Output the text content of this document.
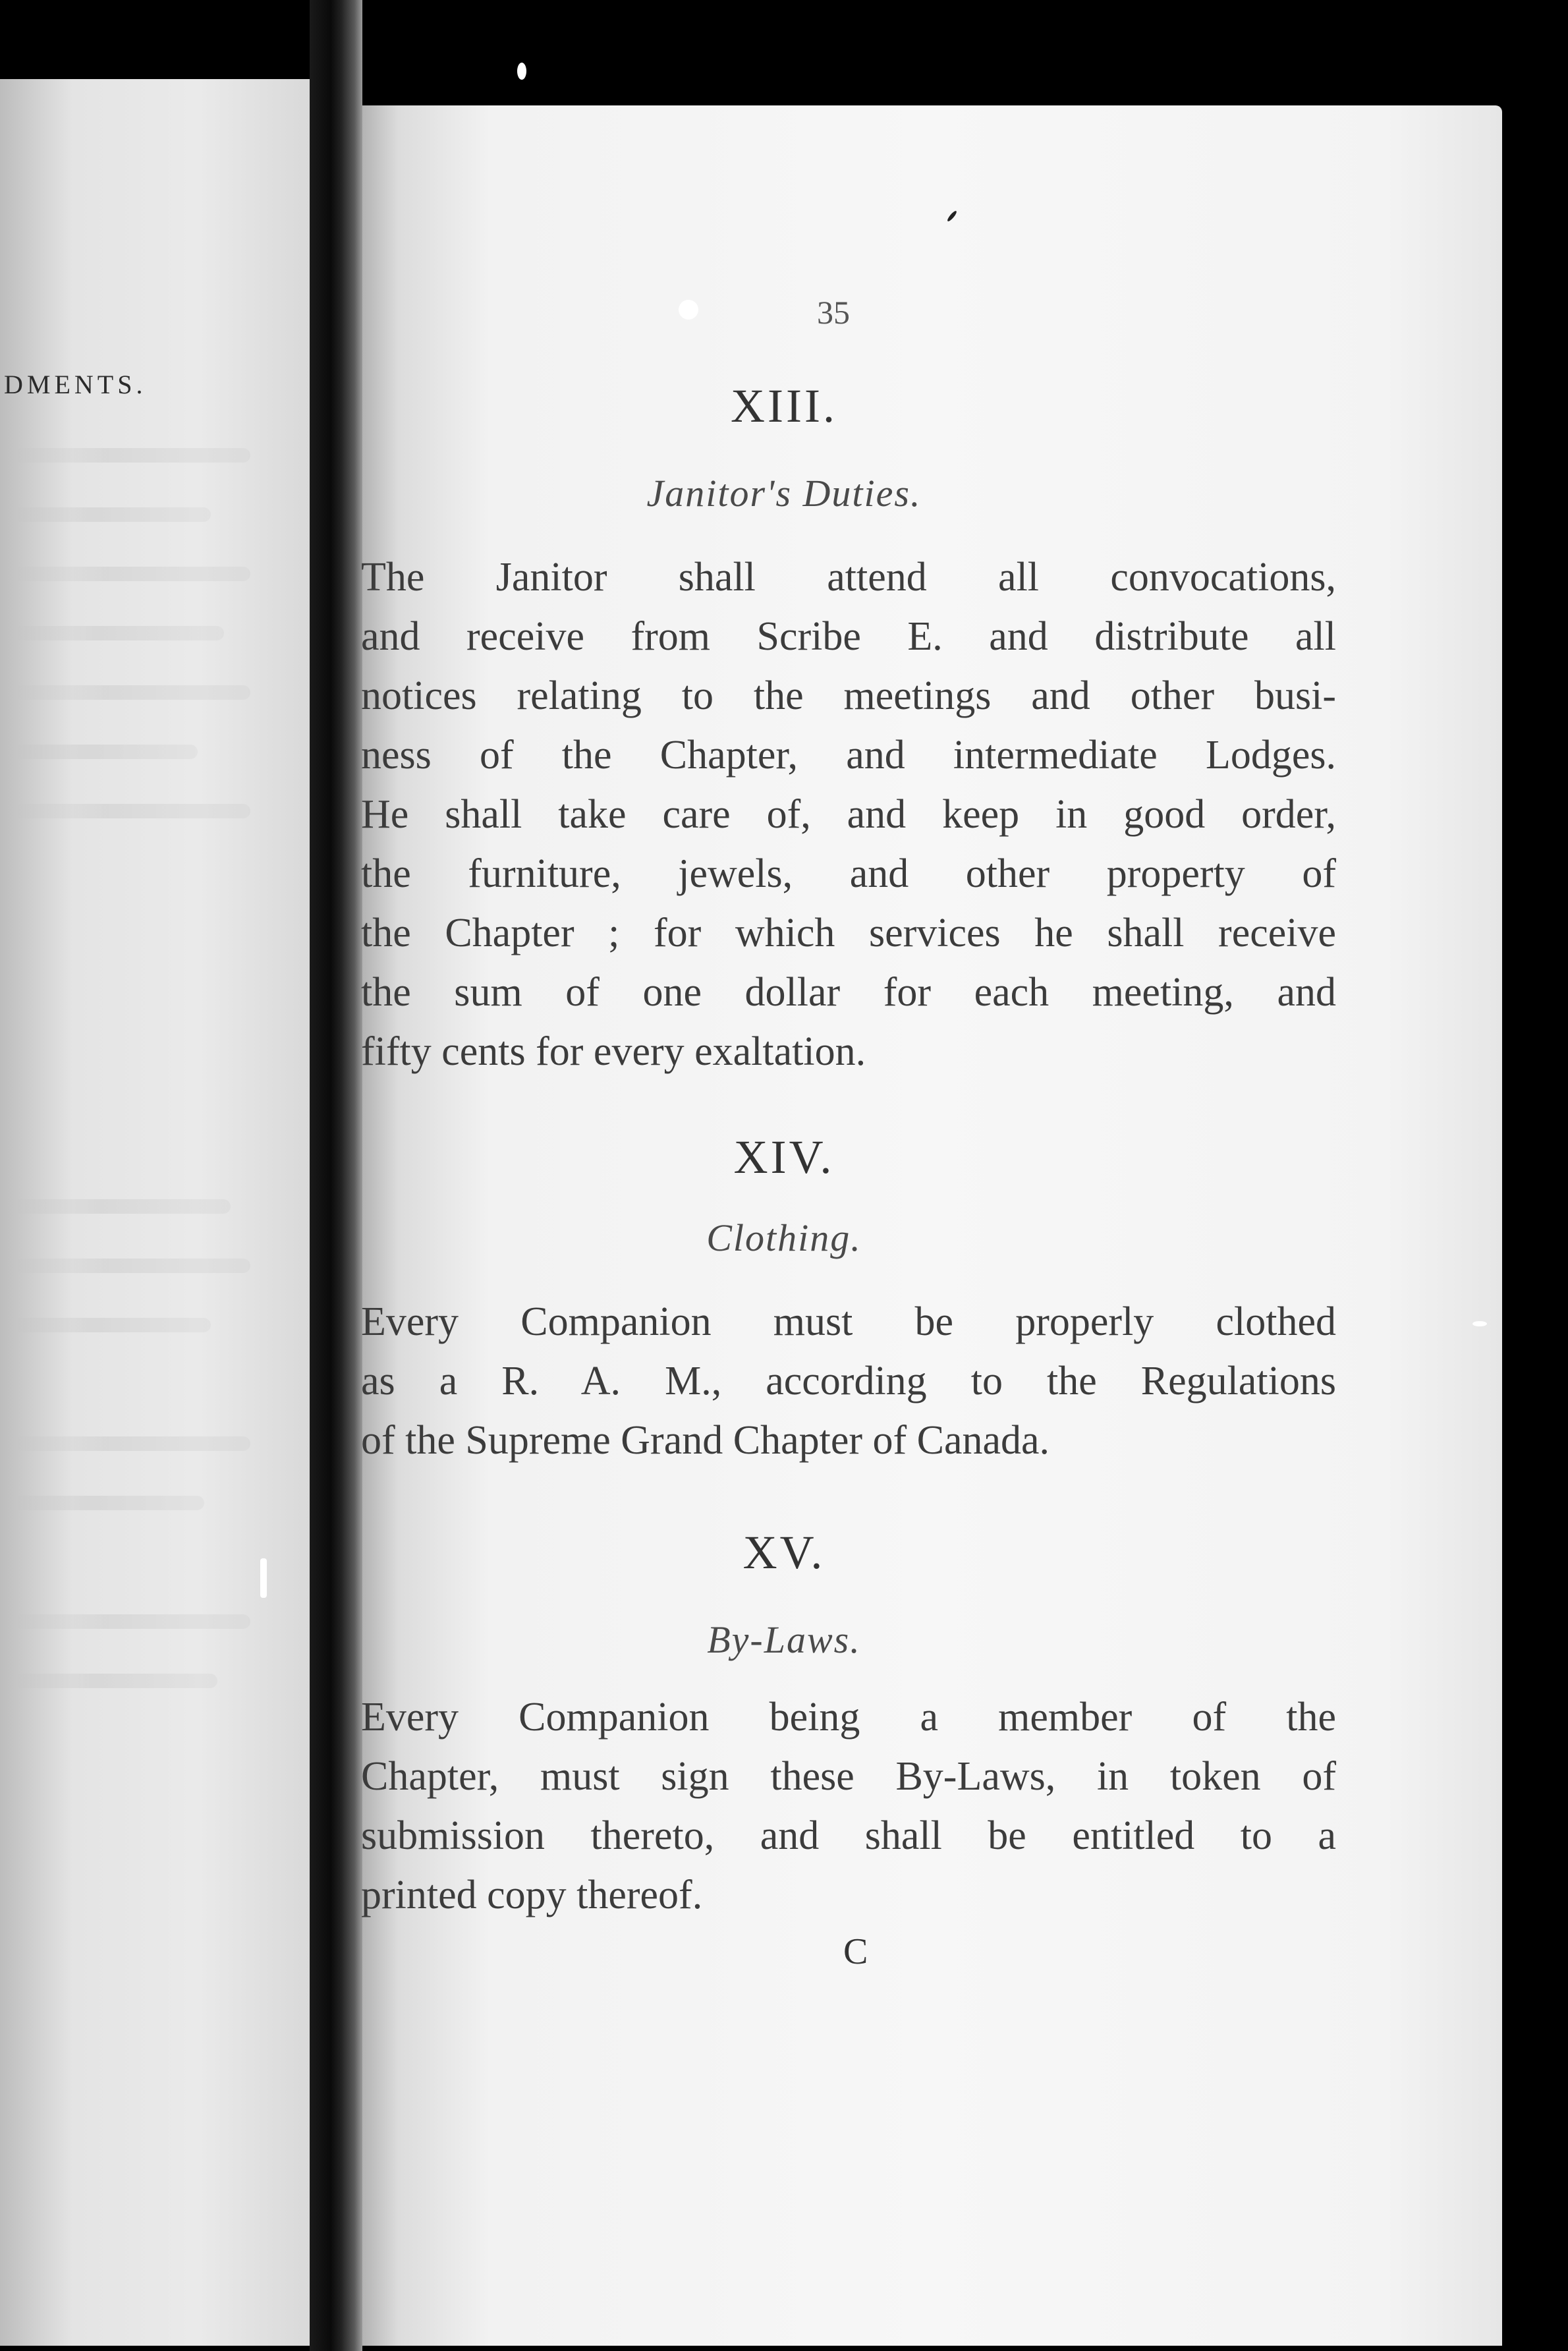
DMENTS.
35
XIII.
Janitor's Duties.
The Janitor shall attend all convocations,
and receive from Scribe E. and distribute all
notices relating to the meetings and other busi-
ness of the Chapter, and intermediate Lodges.
He shall take care of, and keep in good order,
the furniture, jewels, and other property of
the Chapter ; for which services he shall receive
the sum of one dollar for each meeting, and
fifty cents for every exaltation.
XIV.
Clothing.
Every Companion must be properly clothed
as a R. A. M., according to the Regulations
of the Supreme Grand Chapter of Canada.
XV.
By-Laws.
Every Companion being a member of the
Chapter, must sign these By-Laws, in token of
submission thereto, and shall be entitled to a
printed copy thereof.
C
